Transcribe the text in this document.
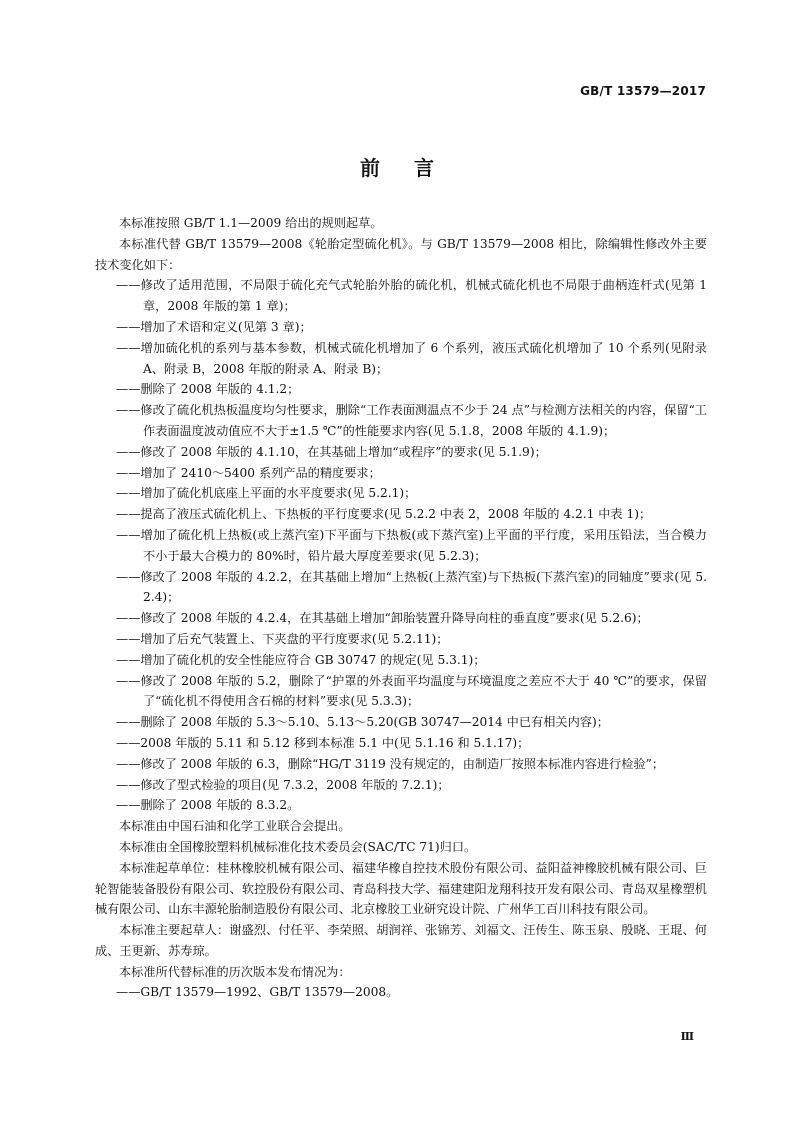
GB/T 13579—2017
前言

本标准按照 GB/T 1.1—2009 给出的规则起草。

本标准代替 GB/T 13579—2008《轮胎定型硫化机》。与 GB/T 13579—2008 相比，除编辑性修改外主要技术变化如下：

——修改了适用范围，不局限于硫化充气式轮胎外胎的硫化机，机械式硫化机也不局限于曲柄连杆式(见第 1 章，2008 年版的第 1 章)；

——增加了术语和定义(见第 3 章)；

——增加硫化机的系列与基本参数，机械式硫化机增加了 6 个系列，液压式硫化机增加了 10 个系列(见附录 A、附录 B，2008 年版的附录 A、附录 B)；

——删除了 2008 年版的 4.1.2；

——修改了硫化机热板温度均匀性要求，删除“工作表面测温点不少于 24 点”与检测方法相关的内容，保留“工作表面温度波动值应不大于±1.5 ℃”的性能要求内容(见 5.1.8，2008 年版的 4.1.9)；

——修改了 2008 年版的 4.1.10，在其基础上增加“或程序”的要求(见 5.1.9)；

——增加了 2410～5400 系列产品的精度要求；

——增加了硫化机底座上平面的水平度要求(见 5.2.1)；

——提高了液压式硫化机上、下热板的平行度要求(见 5.2.2 中表 2，2008 年版的 4.2.1 中表 1)；

——增加了硫化机上热板(或上蒸汽室)下平面与下热板(或下蒸汽室)上平面的平行度，采用压铅法，当合模力不小于最大合模力的 80%时，铅片最大厚度差要求(见 5.2.3)；

——修改了 2008 年版的 4.2.2，在其基础上增加“上热板(上蒸汽室)与下热板(下蒸汽室)的同轴度”要求(见 5.2.4)；

——修改了 2008 年版的 4.2.4，在其基础上增加“卸胎装置升降导向柱的垂直度”要求(见 5.2.6)；

——增加了后充气装置上、下夹盘的平行度要求(见 5.2.11)；

——增加了硫化机的安全性能应符合 GB 30747 的规定(见 5.3.1)；

——修改了 2008 年版的 5.2，删除了“护罩的外表面平均温度与环境温度之差应不大于 40 ℃”的要求，保留了“硫化机不得使用含石棉的材料”要求(见 5.3.3)；

——删除了 2008 年版的 5.3～5.10、5.13～5.20(GB 30747—2014 中已有相关内容)；

——2008 年版的 5.11 和 5.12 移到本标准 5.1 中(见 5.1.16 和 5.1.17)；

——修改了 2008 年版的 6.3，删除“HG/T 3119 没有规定的，由制造厂按照本标准内容进行检验”；

——修改了型式检验的项目(见 7.3.2，2008 年版的 7.2.1)；

——删除了 2008 年版的 8.3.2。

本标准由中国石油和化学工业联合会提出。

本标准由全国橡胶塑料机械标准化技术委员会(SAC/TC 71)归口。

本标准起草单位：桂林橡胶机械有限公司、福建华橡自控技术股份有限公司、益阳益神橡胶机械有限公司、巨轮智能装备股份有限公司、软控股份有限公司、青岛科技大学、福建建阳龙翔科技开发有限公司、青岛双星橡塑机械有限公司、山东丰源轮胎制造股份有限公司、北京橡胶工业研究设计院、广州华工百川科技有限公司。

本标准主要起草人：谢盛烈、付任平、李荣照、胡润祥、张锦芳、刘福文、汪传生、陈玉泉、殷晓、王琨、何成、王更新、苏寿琼。

本标准所代替标准的历次版本发布情况为：

——GB/T 13579—1992、GB/T 13579—2008。

Ⅲ
